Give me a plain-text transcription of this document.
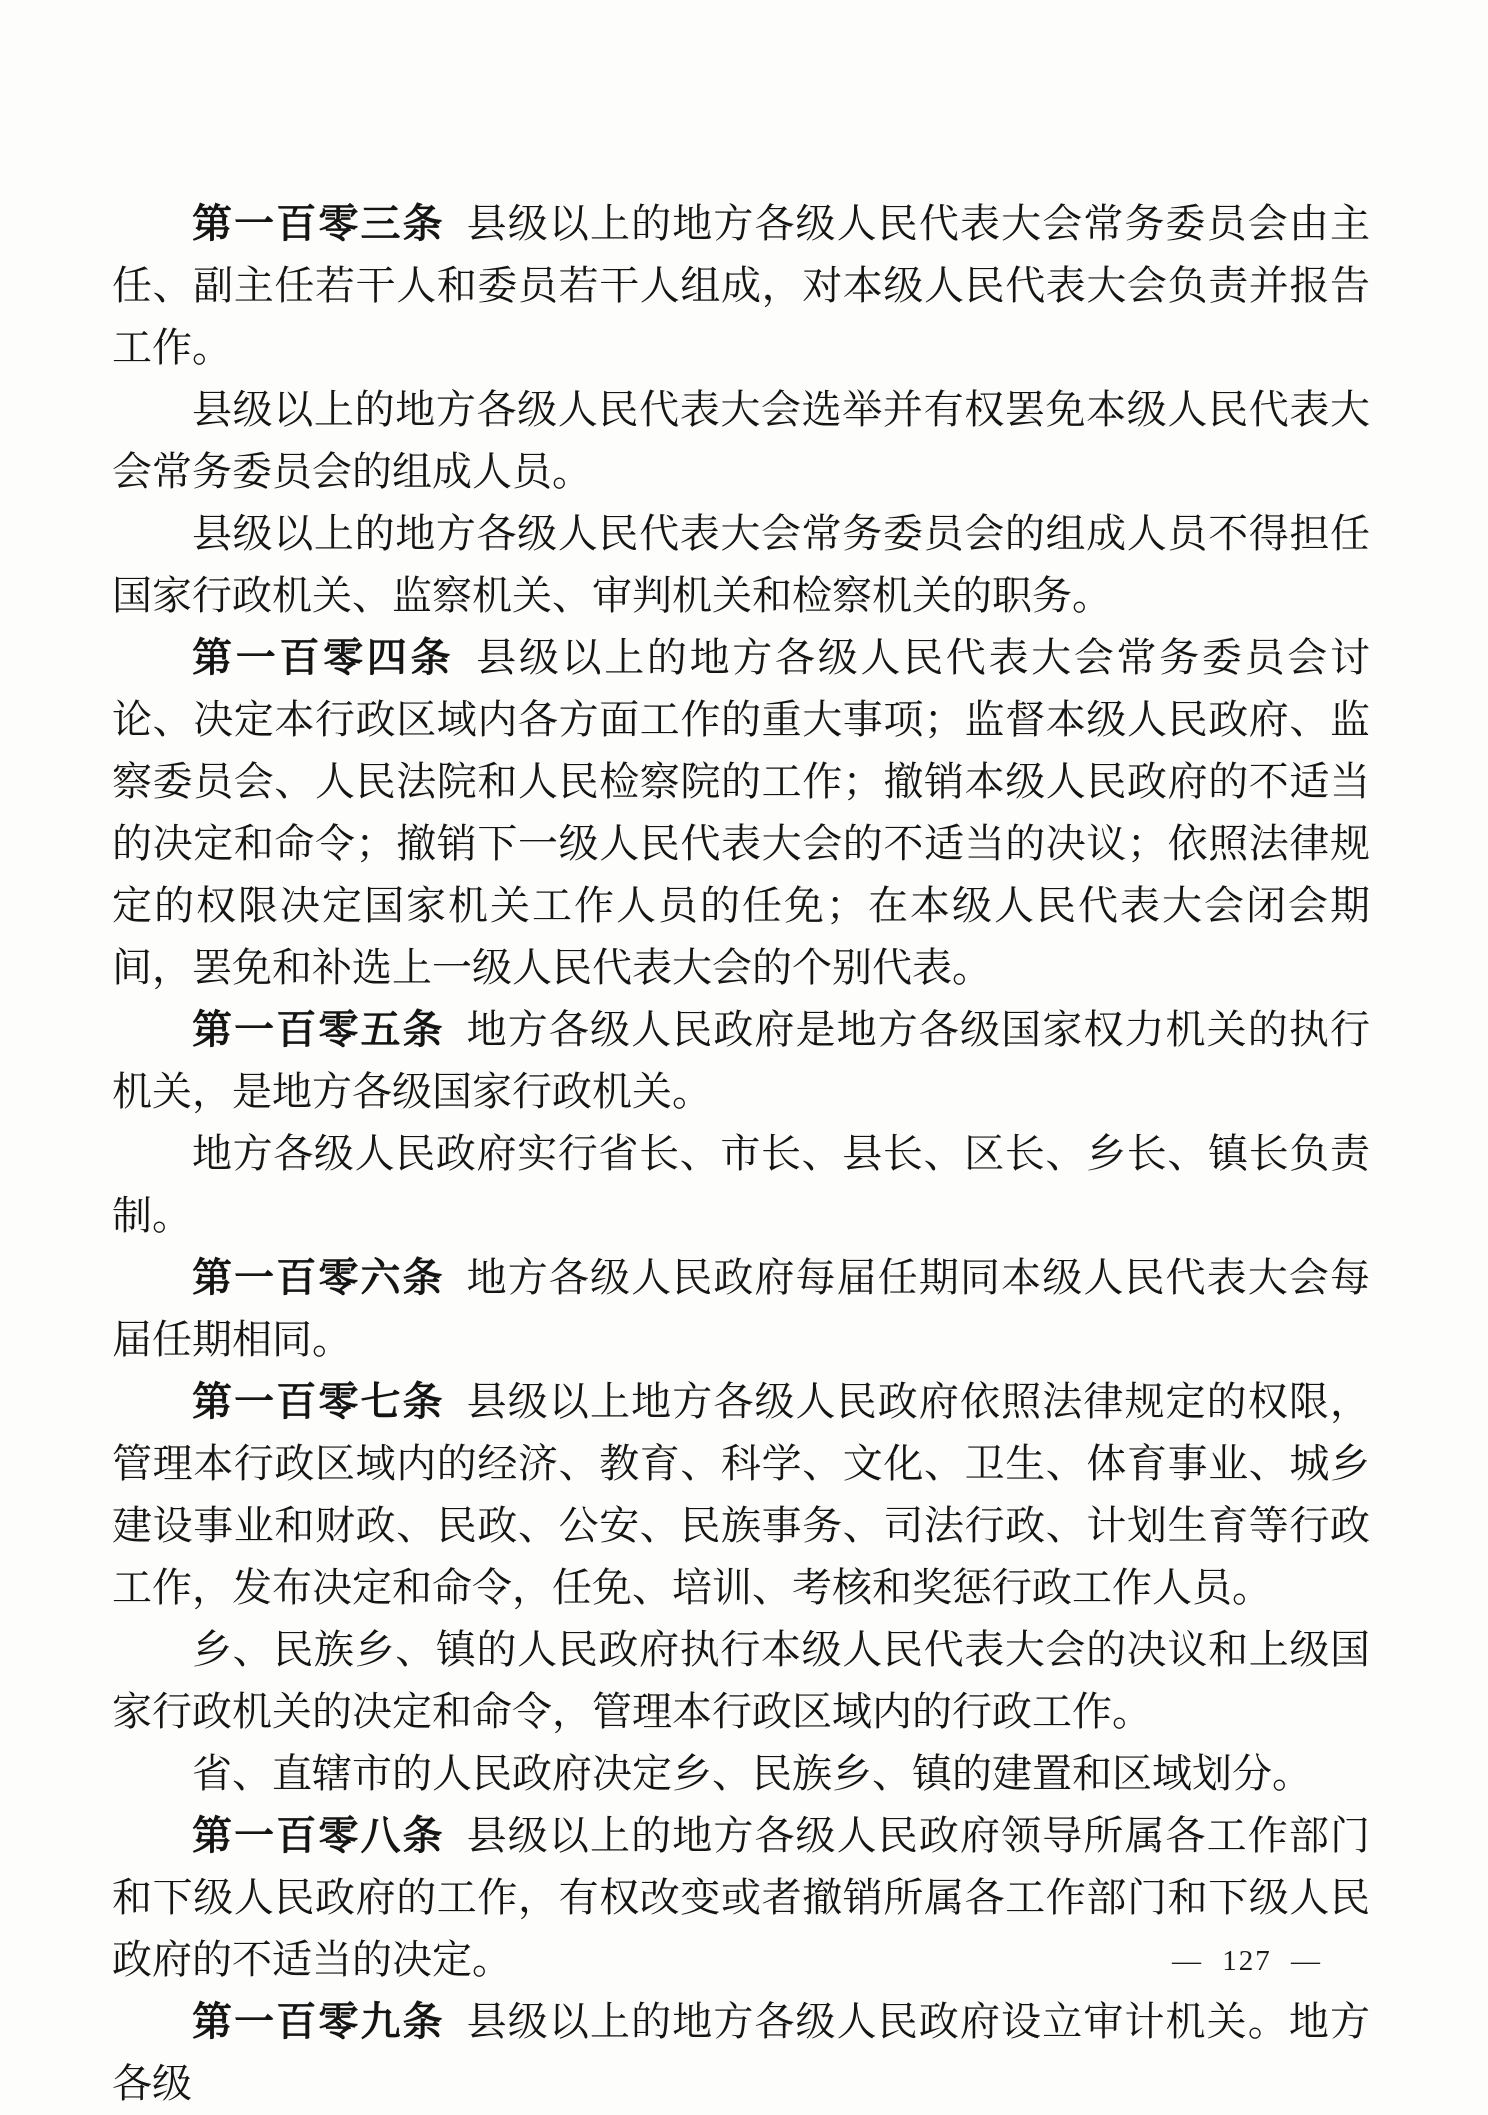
第一百零三条 县级以上的地方各级人民代表大会常务委员会由主任、副主任若干人和委员若干人组成，对本级人民代表大会负责并报告工作。

县级以上的地方各级人民代表大会选举并有权罢免本级人民代表大会常务委员会的组成人员。

县级以上的地方各级人民代表大会常务委员会的组成人员不得担任国家行政机关、监察机关、审判机关和检察机关的职务。

第一百零四条 县级以上的地方各级人民代表大会常务委员会讨论、决定本行政区域内各方面工作的重大事项；监督本级人民政府、监察委员会、人民法院和人民检察院的工作；撤销本级人民政府的不适当的决定和命令；撤销下一级人民代表大会的不适当的决议；依照法律规定的权限决定国家机关工作人员的任免；在本级人民代表大会闭会期间，罢免和补选上一级人民代表大会的个别代表。

第一百零五条 地方各级人民政府是地方各级国家权力机关的执行机关，是地方各级国家行政机关。

地方各级人民政府实行省长、市长、县长、区长、乡长、镇长负责制。

第一百零六条 地方各级人民政府每届任期同本级人民代表大会每届任期相同。

第一百零七条 县级以上地方各级人民政府依照法律规定的权限，管理本行政区域内的经济、教育、科学、文化、卫生、体育事业、城乡建设事业和财政、民政、公安、民族事务、司法行政、计划生育等行政工作，发布决定和命令，任免、培训、考核和奖惩行政工作人员。

乡、民族乡、镇的人民政府执行本级人民代表大会的决议和上级国家行政机关的决定和命令，管理本行政区域内的行政工作。

省、直辖市的人民政府决定乡、民族乡、镇的建置和区域划分。

第一百零八条 县级以上的地方各级人民政府领导所属各工作部门和下级人民政府的工作，有权改变或者撤销所属各工作部门和下级人民政府的不适当的决定。

第一百零九条 县级以上的地方各级人民政府设立审计机关。地方各级

— 127 —
